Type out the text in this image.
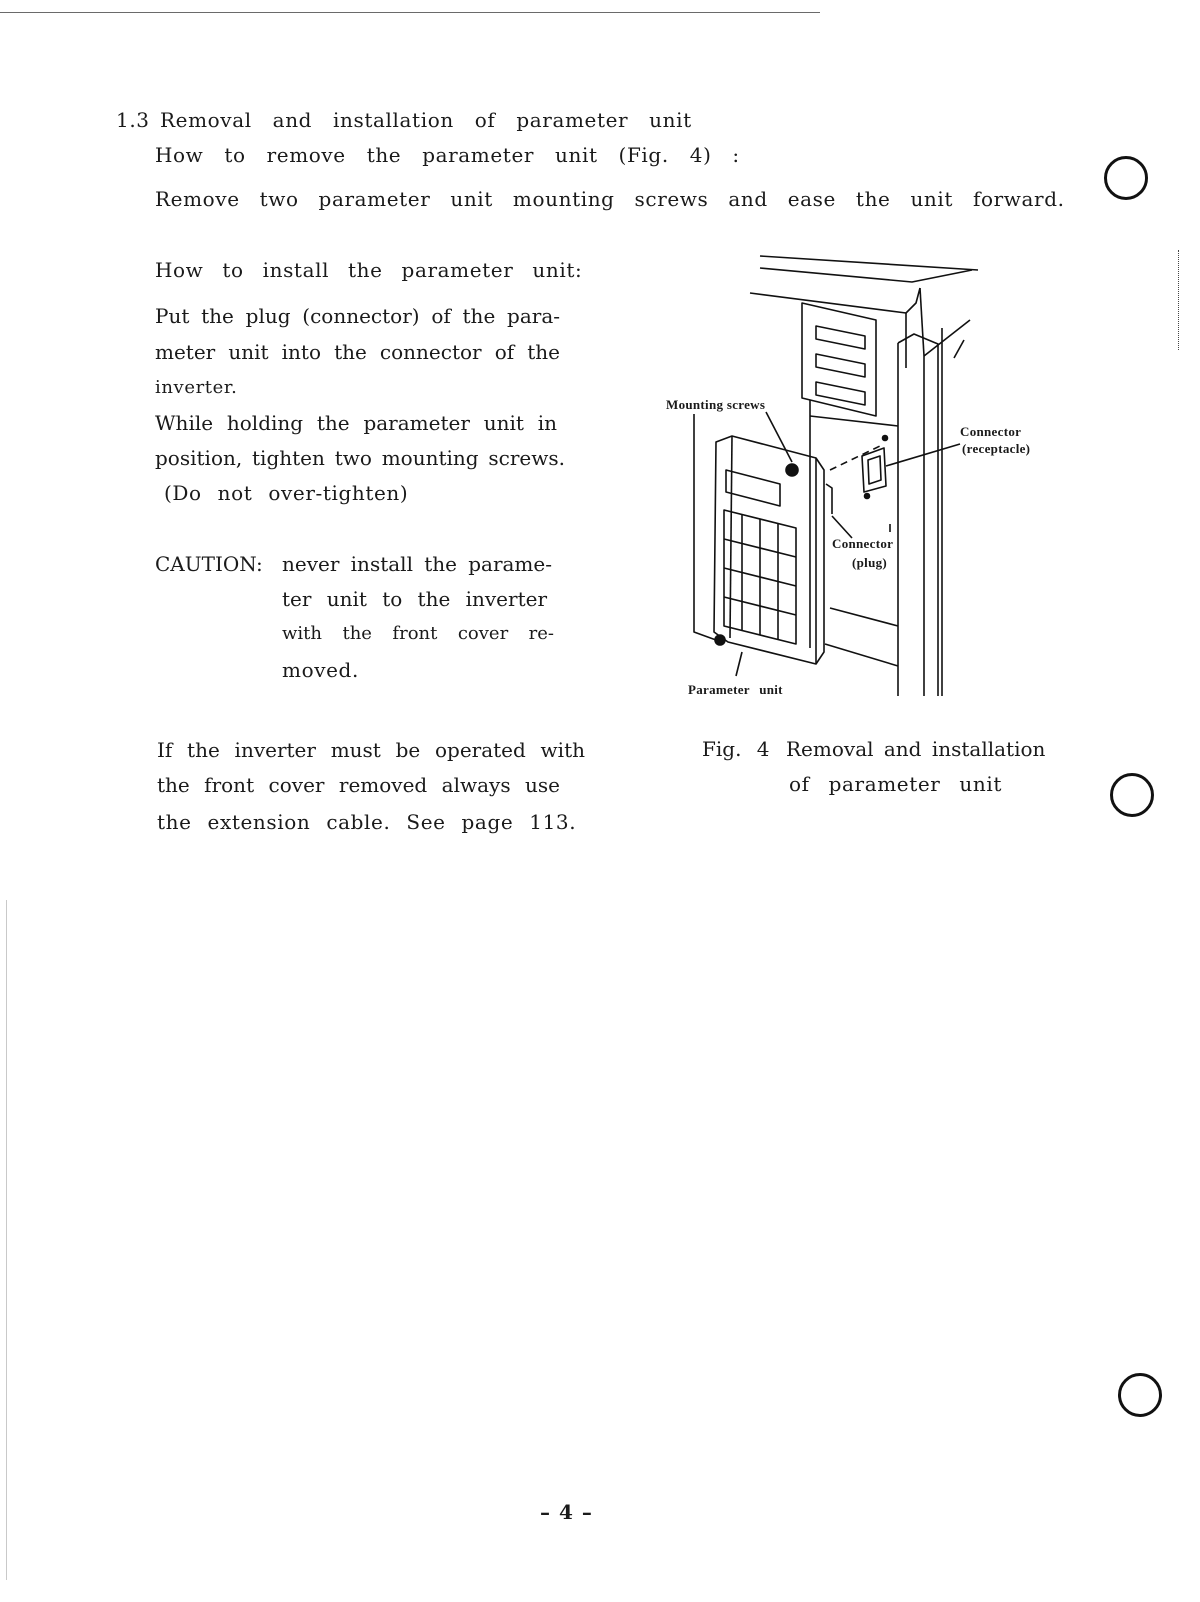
1.3 Removal and installation of parameter unit
How to remove the parameter unit (Fig. 4) :
Remove two parameter unit mounting screws and ease the unit forward.
How to install the parameter unit:
Put the plug (connector) of the para-
meter unit into the connector of the
inverter.
While holding the parameter unit in
position, tighten two mounting screws.
(Do not over-tighten)
CAUTION: never install the parame-
ter unit to the inverter
with the front cover re-
moved.
If the inverter must be operated with
the front cover removed always use
the extension cable. See page 113.
Mounting screws
Connector
(receptacle)
Connector
(plug)
Parameter unit
Fig. 4 Removal and installation
of parameter unit
– 4 –
